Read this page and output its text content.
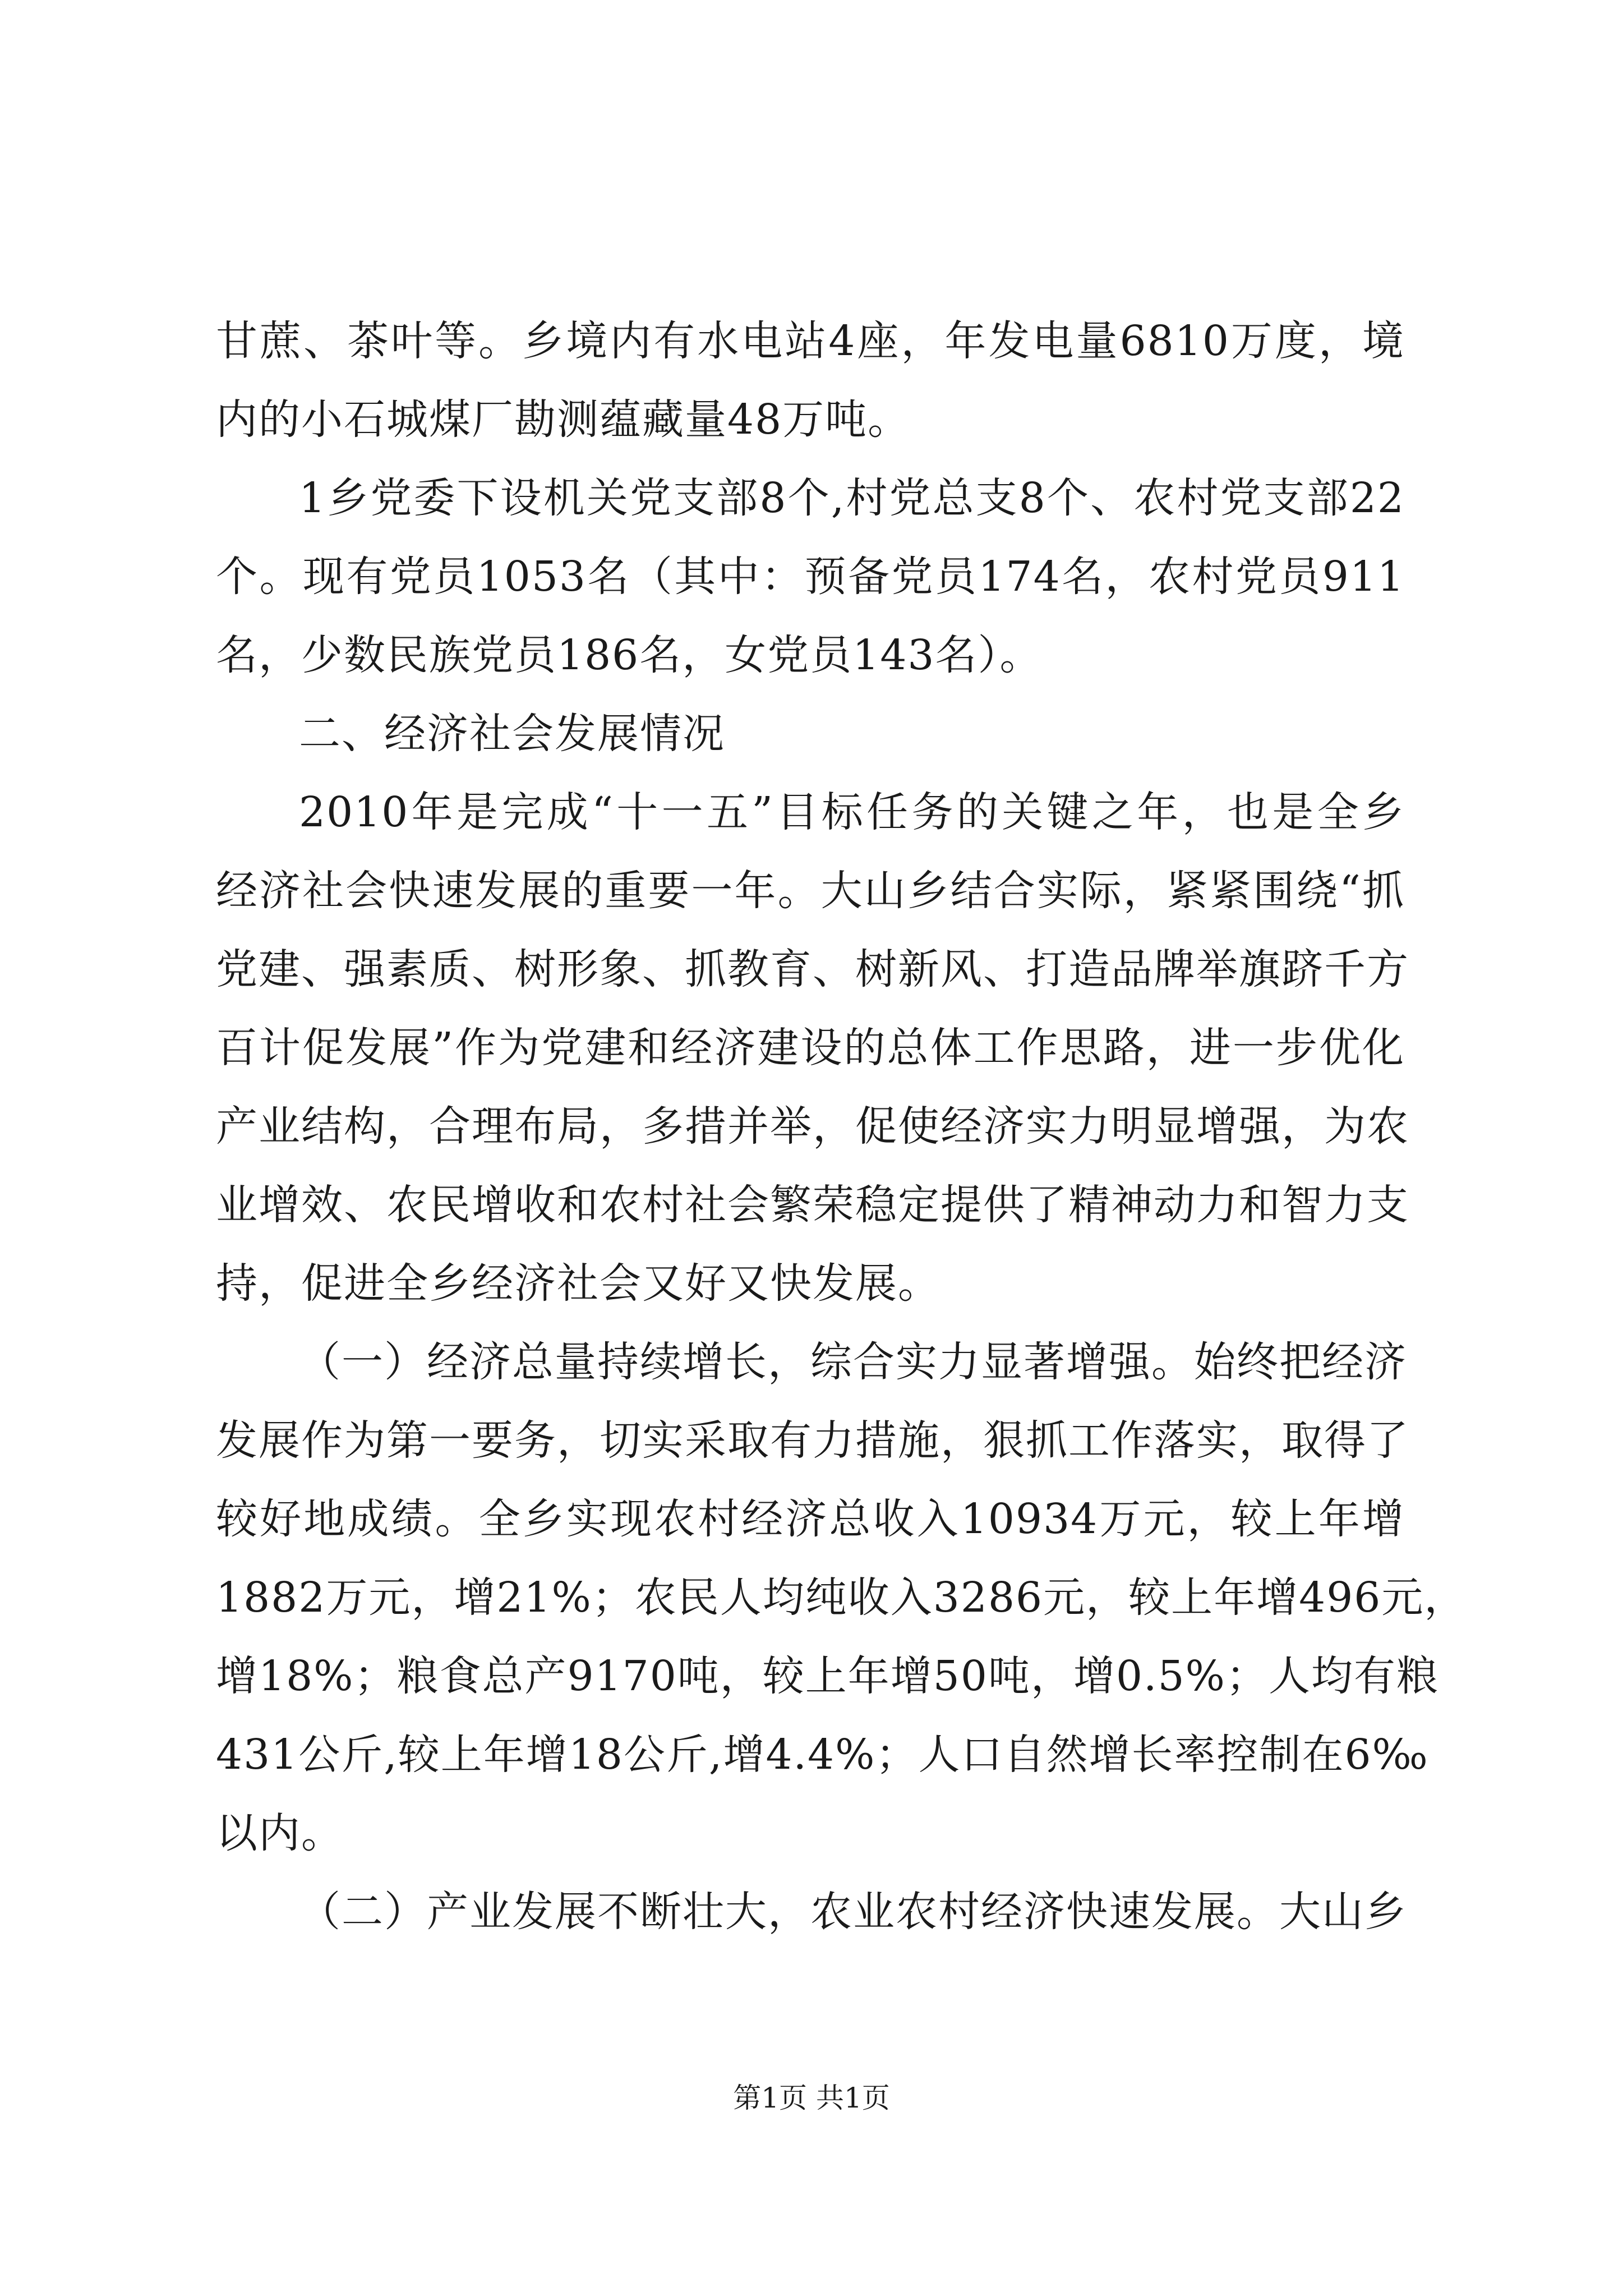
甘蔗、茶叶等。乡境内有水电站4座，年发电量6810万度，境
内的小石城煤厂勘测蕴藏量48万吨。
1乡党委下设机关党支部8个,村党总支8个、农村党支部22
个。现有党员1053名（其中：预备党员174名，农村党员911
名，少数民族党员186名，女党员143名）。
二、经济社会发展情况
2010年是完成“十一五”目标任务的关键之年，也是全乡
经济社会快速发展的重要一年。大山乡结合实际，紧紧围绕“抓
党建、强素质、树形象、抓教育、树新风、打造品牌举旗跻千方
百计促发展”作为党建和经济建设的总体工作思路，进一步优化
产业结构，合理布局，多措并举，促使经济实力明显增强，为农
业增效、农民增收和农村社会繁荣稳定提供了精神动力和智力支
持，促进全乡经济社会又好又快发展。
（一）经济总量持续增长，综合实力显著增强。始终把经济
发展作为第一要务，切实采取有力措施，狠抓工作落实，取得了
较好地成绩。全乡实现农村经济总收入10934万元，较上年增
1882万元，增21%；农民人均纯收入3286元，较上年增496元，
增18%；粮食总产9170吨，较上年增50吨，增0.5%；人均有粮
431公斤,较上年增18公斤,增4.4%；人口自然增长率控制在6‰
以内。
（二）产业发展不断壮大，农业农村经济快速发展。大山乡
第1页 共1页
